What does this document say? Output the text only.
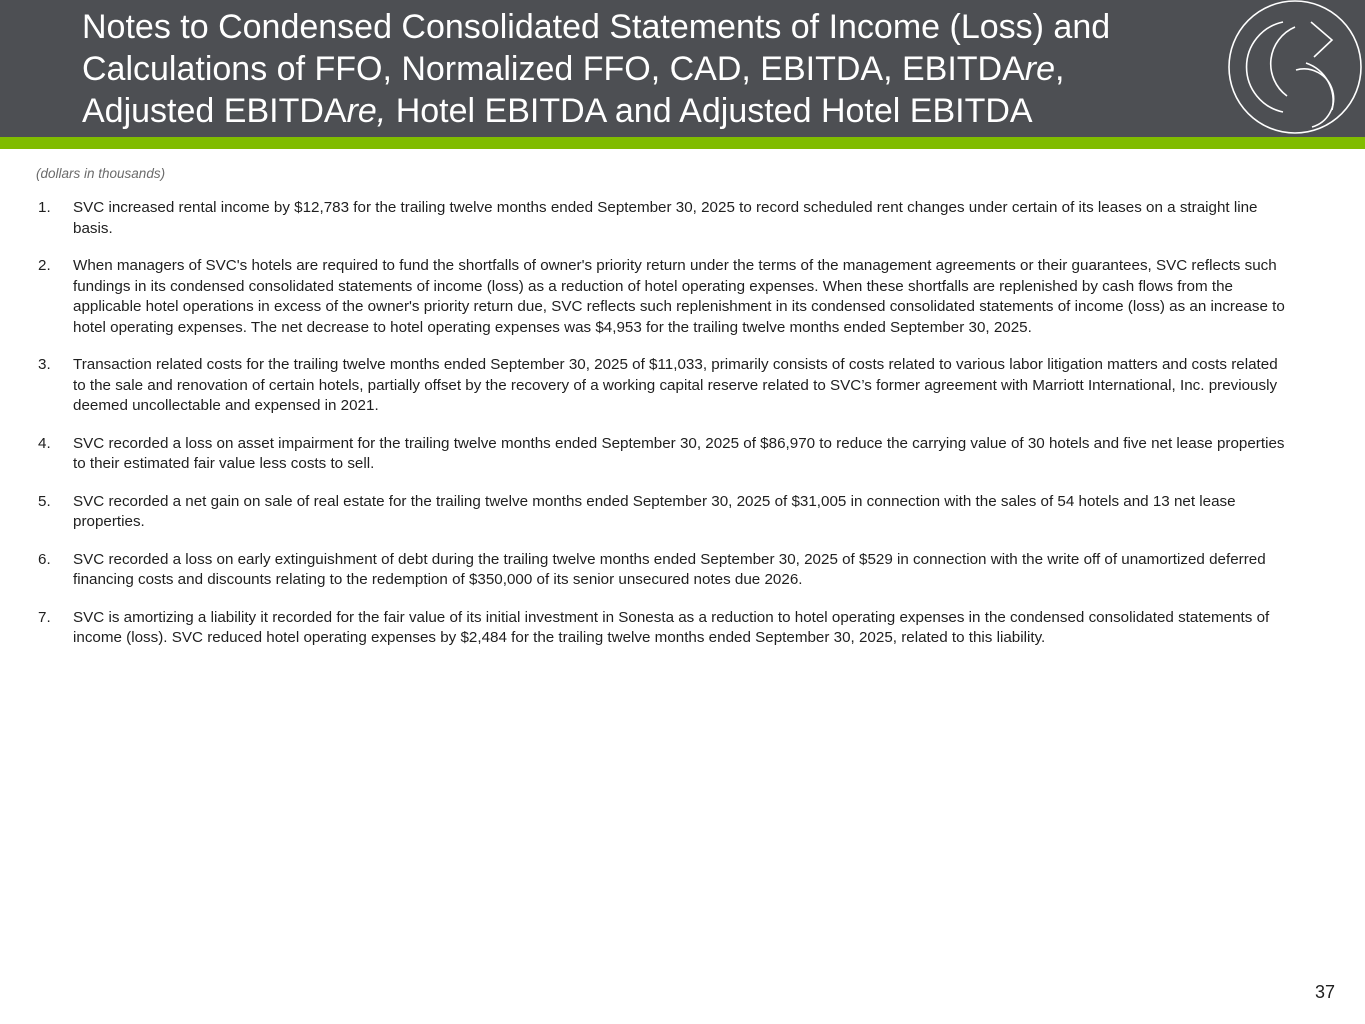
Notes to Condensed Consolidated Statements of Income (Loss) and
Calculations of FFO, Normalized FFO, CAD, EBITDA, EBITDAre,
Adjusted EBITDAre, Hotel EBITDA and Adjusted Hotel EBITDA
(dollars in thousands)
1. SVC increased rental income by $12,783 for the trailing twelve months ended September 30, 2025 to record scheduled rent changes under certain of its leases on a straight line basis.
2. When managers of SVC's hotels are required to fund the shortfalls of owner's priority return under the terms of the management agreements or their guarantees, SVC reflects such fundings in its condensed consolidated statements of income (loss) as a reduction of hotel operating expenses. When these shortfalls are replenished by cash flows from the applicable hotel operations in excess of the owner's priority return due, SVC reflects such replenishment in its condensed consolidated statements of income (loss) as an increase to hotel operating expenses. The net decrease to hotel operating expenses was $4,953 for the trailing twelve months ended September 30, 2025.
3. Transaction related costs for the trailing twelve months ended September 30, 2025 of $11,033, primarily consists of costs related to various labor litigation matters and costs related to the sale and renovation of certain hotels, partially offset by the recovery of a working capital reserve related to SVC’s former agreement with Marriott International, Inc. previously deemed uncollectable and expensed in 2021.
4. SVC recorded a loss on asset impairment for the trailing twelve months ended September 30, 2025 of $86,970 to reduce the carrying value of 30 hotels and five net lease properties to their estimated fair value less costs to sell.
5. SVC recorded a net gain on sale of real estate for the trailing twelve months ended September 30, 2025 of $31,005 in connection with the sales of 54 hotels and 13 net lease properties.
6. SVC recorded a loss on early extinguishment of debt during the trailing twelve months ended September 30, 2025 of $529 in connection with the write off of unamortized deferred financing costs and discounts relating to the redemption of $350,000 of its senior unsecured notes due 2026.
7. SVC is amortizing a liability it recorded for the fair value of its initial investment in Sonesta as a reduction to hotel operating expenses in the condensed consolidated statements of income (loss). SVC reduced hotel operating expenses by $2,484 for the trailing twelve months ended September 30, 2025, related to this liability.
37
